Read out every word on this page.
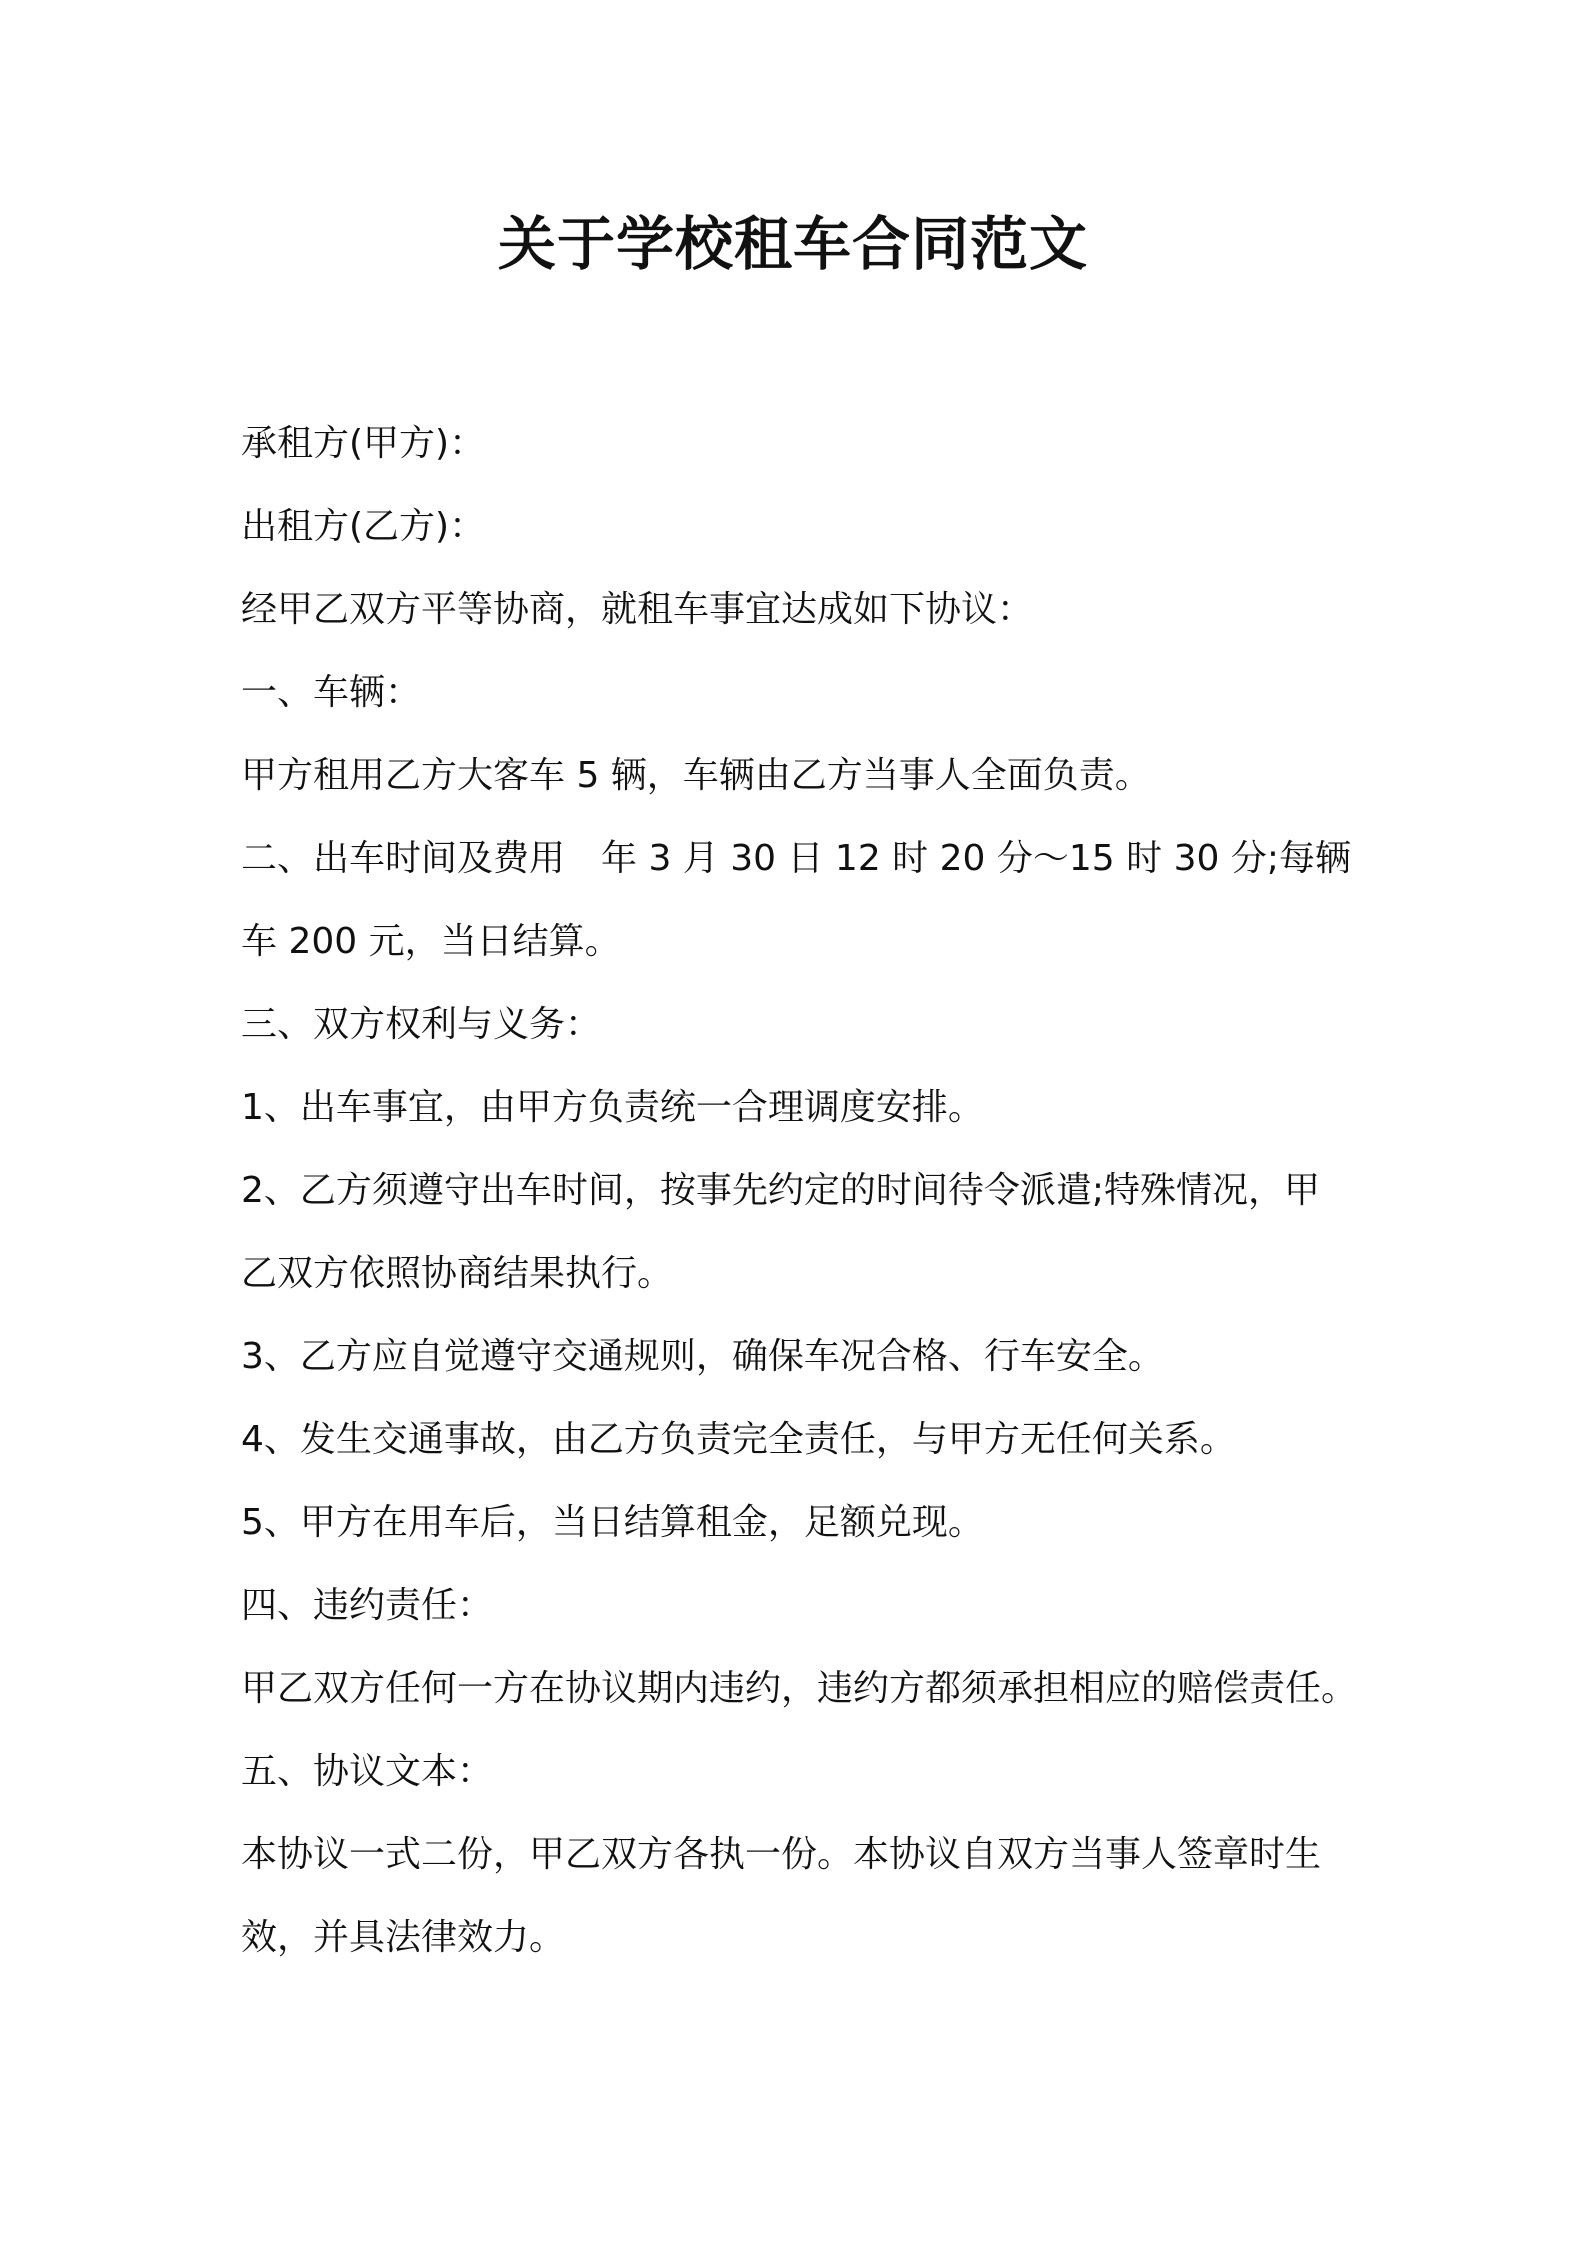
关于学校租车合同范文
承租方(甲方)：
出租方(乙方)：
经甲乙双方平等协商，就租车事宜达成如下协议：
一、车辆：
甲方租用乙方大客车 5 辆，车辆由乙方当事人全面负责。
二、出车时间及费用　年 3 月 30 日 12 时 20 分～15 时 30 分;每辆
车 200 元，当日结算。
三、双方权利与义务：
1、出车事宜，由甲方负责统一合理调度安排。
2、乙方须遵守出车时间，按事先约定的时间待令派遣;特殊情况，甲
乙双方依照协商结果执行。
3、乙方应自觉遵守交通规则，确保车况合格、行车安全。
4、发生交通事故，由乙方负责完全责任，与甲方无任何关系。
5、甲方在用车后，当日结算租金，足额兑现。
四、违约责任：
甲乙双方任何一方在协议期内违约，违约方都须承担相应的赔偿责任。
五、协议文本：
本协议一式二份，甲乙双方各执一份。本协议自双方当事人签章时生
效，并具法律效力。
